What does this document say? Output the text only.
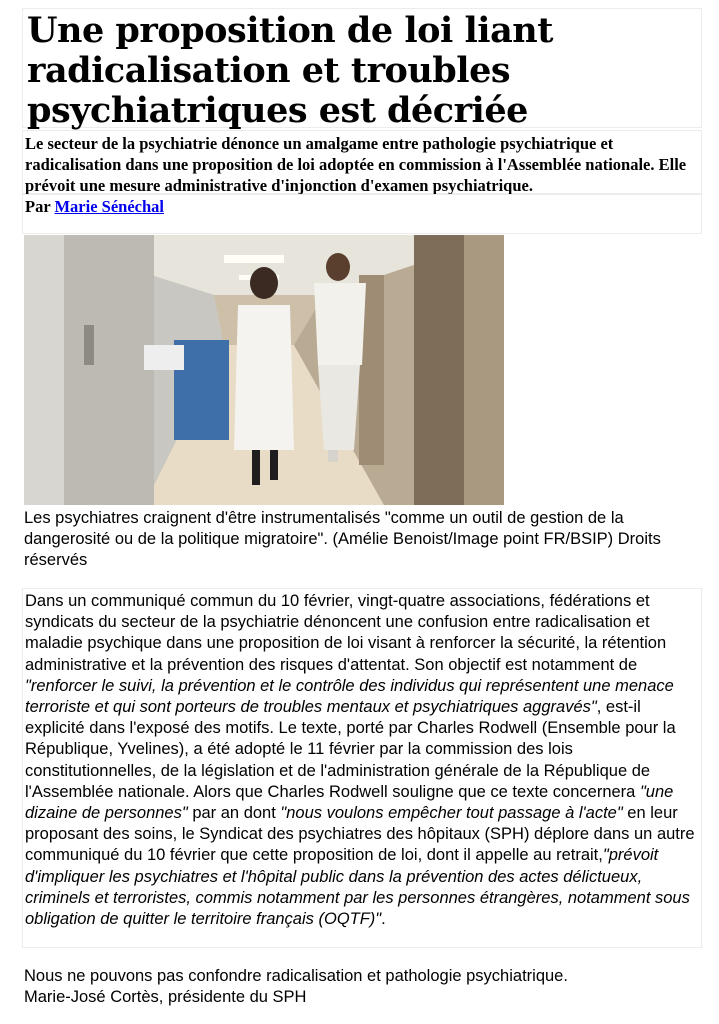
Une proposition de loi liant radicalisation et troubles psychiatriques est décriée
Le secteur de la psychiatrie dénonce un amalgame entre pathologie psychiatrique et radicalisation dans une proposition de loi adoptée en commission à l'Assemblée nationale. Elle prévoit une mesure administrative d'injonction d'examen psychiatrique.
Par Marie Sénéchal

Les psychiatres craignent d'être instrumentalisés "comme un outil de gestion de la dangerosité ou de la politique migratoire". (Amélie Benoist/Image point FR/BSIP) Droits réservés

Dans un communiqué commun du 10 février, vingt-quatre associations, fédérations et syndicats du secteur de la psychiatrie dénoncent une confusion entre radicalisation et maladie psychique dans une proposition de loi visant à renforcer la sécurité, la rétention administrative et la prévention des risques d'attentat. Son objectif est notamment de "renforcer le suivi, la prévention et le contrôle des individus qui représentent une menace terroriste et qui sont porteurs de troubles mentaux et psychiatriques aggravés", est-il explicité dans l'exposé des motifs. Le texte, porté par Charles Rodwell (Ensemble pour la République, Yvelines), a été adopté le 11 février par la commission des lois constitutionnelles, de la législation et de l'administration générale de la République de l'Assemblée nationale. Alors que Charles Rodwell souligne que ce texte concernera "une dizaine de personnes" par an dont "nous voulons empêcher tout passage à l'acte" en leur proposant des soins, le Syndicat des psychiatres des hôpitaux (SPH) déplore dans un autre communiqué du 10 février que cette proposition de loi, dont il appelle au retrait,"prévoit d'impliquer les psychiatres et l'hôpital public dans la prévention des actes délictueux, criminels et terroristes, commis notamment par les personnes étrangères, notamment sous obligation de quitter le territoire français (OQTF)".
Nous ne pouvons pas confondre radicalisation et pathologie psychiatrique.
Marie-José Cortès, présidente du SPH
